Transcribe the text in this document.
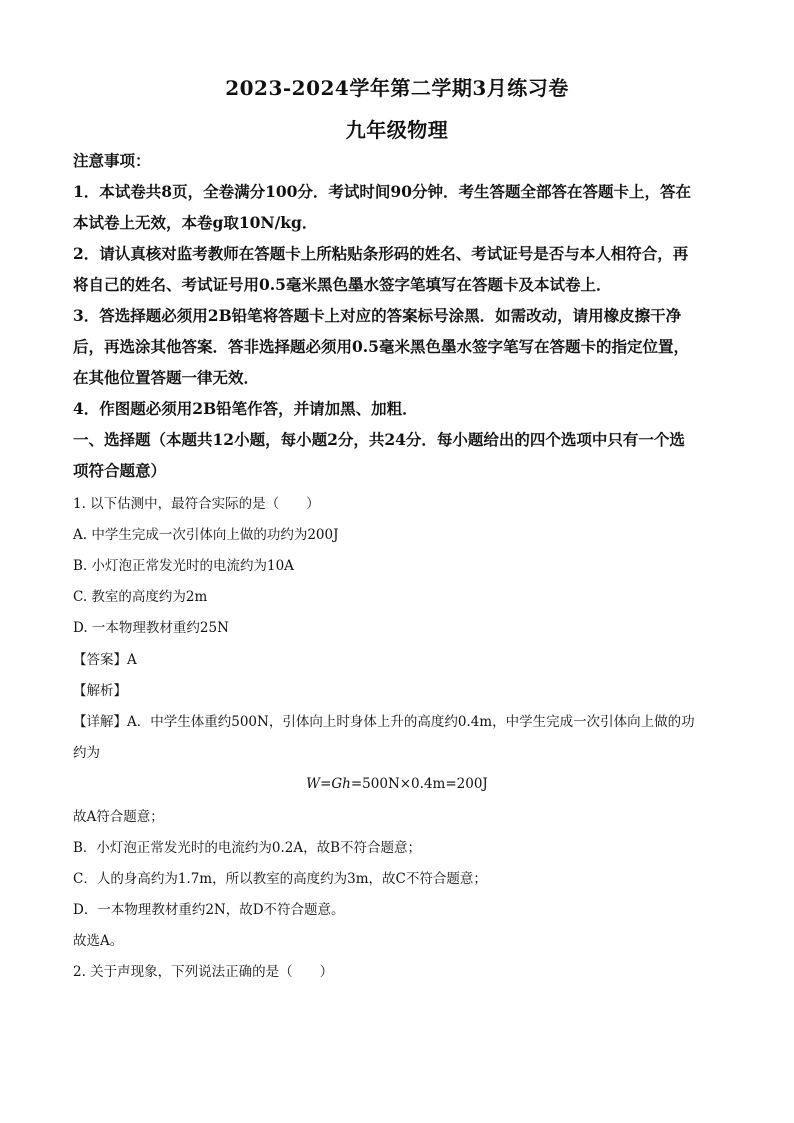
2023-2024学年第二学期3月练习卷
九年级物理
注意事项：
1．本试卷共8页，全卷满分100分．考试时间90分钟．考生答题全部答在答题卡上，答在
本试卷上无效，本卷g取10N/kg．
2．请认真核对监考教师在答题卡上所粘贴条形码的姓名、考试证号是否与本人相符合，再
将自己的姓名、考试证号用0.5毫米黑色墨水签字笔填写在答题卡及本试卷上．
3．答选择题必须用2B铅笔将答题卡上对应的答案标号涂黑．如需改动，请用橡皮擦干净
后，再选涂其他答案．答非选择题必须用0.5毫米黑色墨水签字笔写在答题卡的指定位置，
在其他位置答题一律无效．
4．作图题必须用2B铅笔作答，并请加黑、加粗．
一、选择题（本题共12小题，每小题2分，共24分．每小题给出的四个选项中只有一个选
项符合题意）
1. 以下估测中，最符合实际的是（　　）
A. 中学生完成一次引体向上做的功约为200J
B. 小灯泡正常发光时的电流约为10A
C. 教室的高度约为2m
D. 一本物理教材重约25N
【答案】A
【解析】
【详解】A．中学生体重约500N，引体向上时身体上升的高度约0.4m，中学生完成一次引体向上做的功
约为
W=Gh=500N×0.4m=200J
故A符合题意；
B．小灯泡正常发光时的电流约为0.2A，故B不符合题意；
C．人的身高约为1.7m，所以教室的高度约为3m，故C不符合题意；
D．一本物理教材重约2N，故D不符合题意。
故选A。
2. 关于声现象，下列说法正确的是（　　）
